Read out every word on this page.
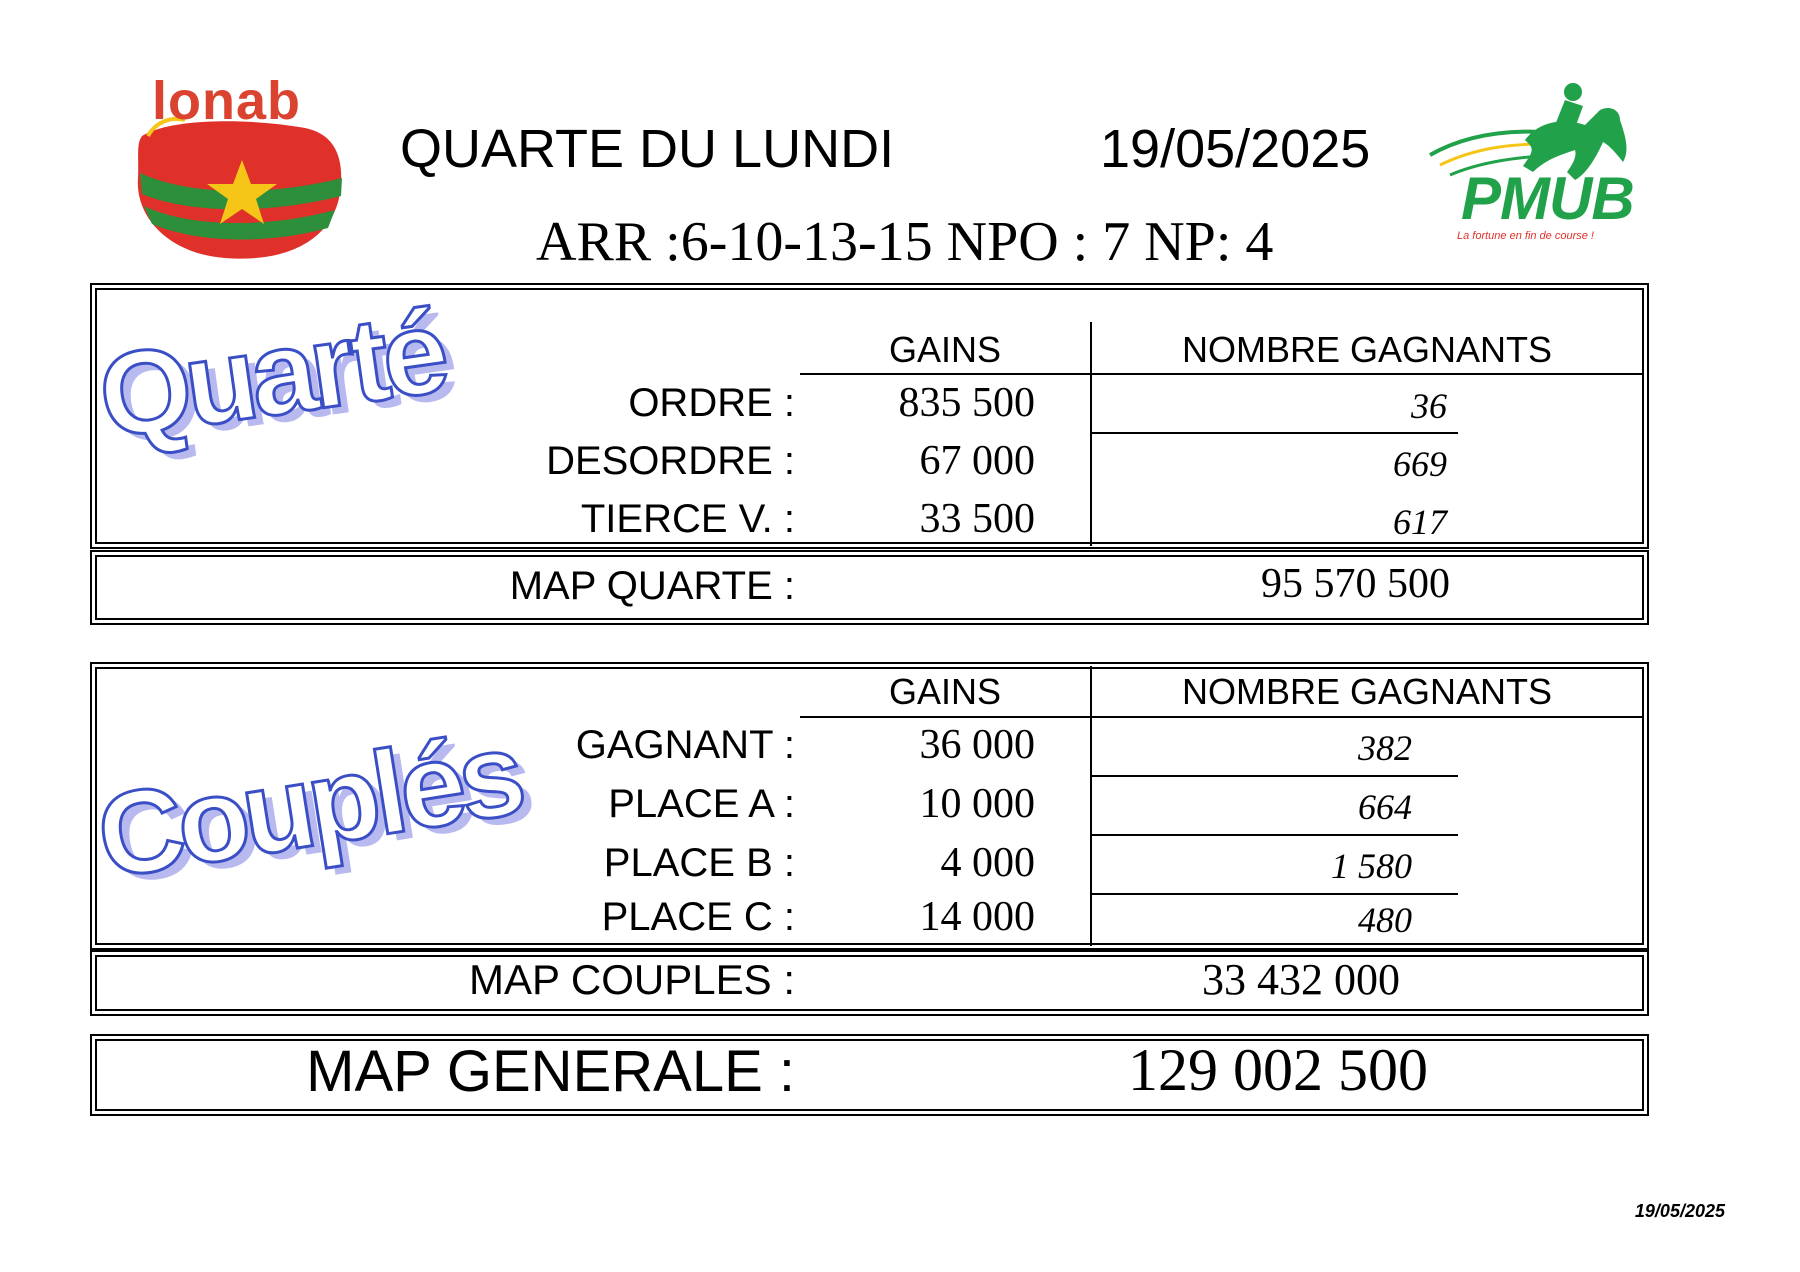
lonab
QUARTE DU LUNDI	19/05/2025
ARR :6-10-13-15 NPO : 7 NP: 4
PMUB
La fortune en fin de course !
Quarté	GAINS	NOMBRE GAGNANTS
ORDRE :	835 500	36
DESORDRE :	67 000	669
TIERCE V. :	33 500	617
MAP QUARTE :	95 570 500
Couplés
GAINS	NOMBRE GAGNANTS
GAGNANT :	36 000	382
PLACE A :	10 000	664
PLACE B :	4 000	1 580
PLACE C :	14 000	480
MAP COUPLES :	33 432 000
MAP GENERALE :	129 002 500
19/05/2025
